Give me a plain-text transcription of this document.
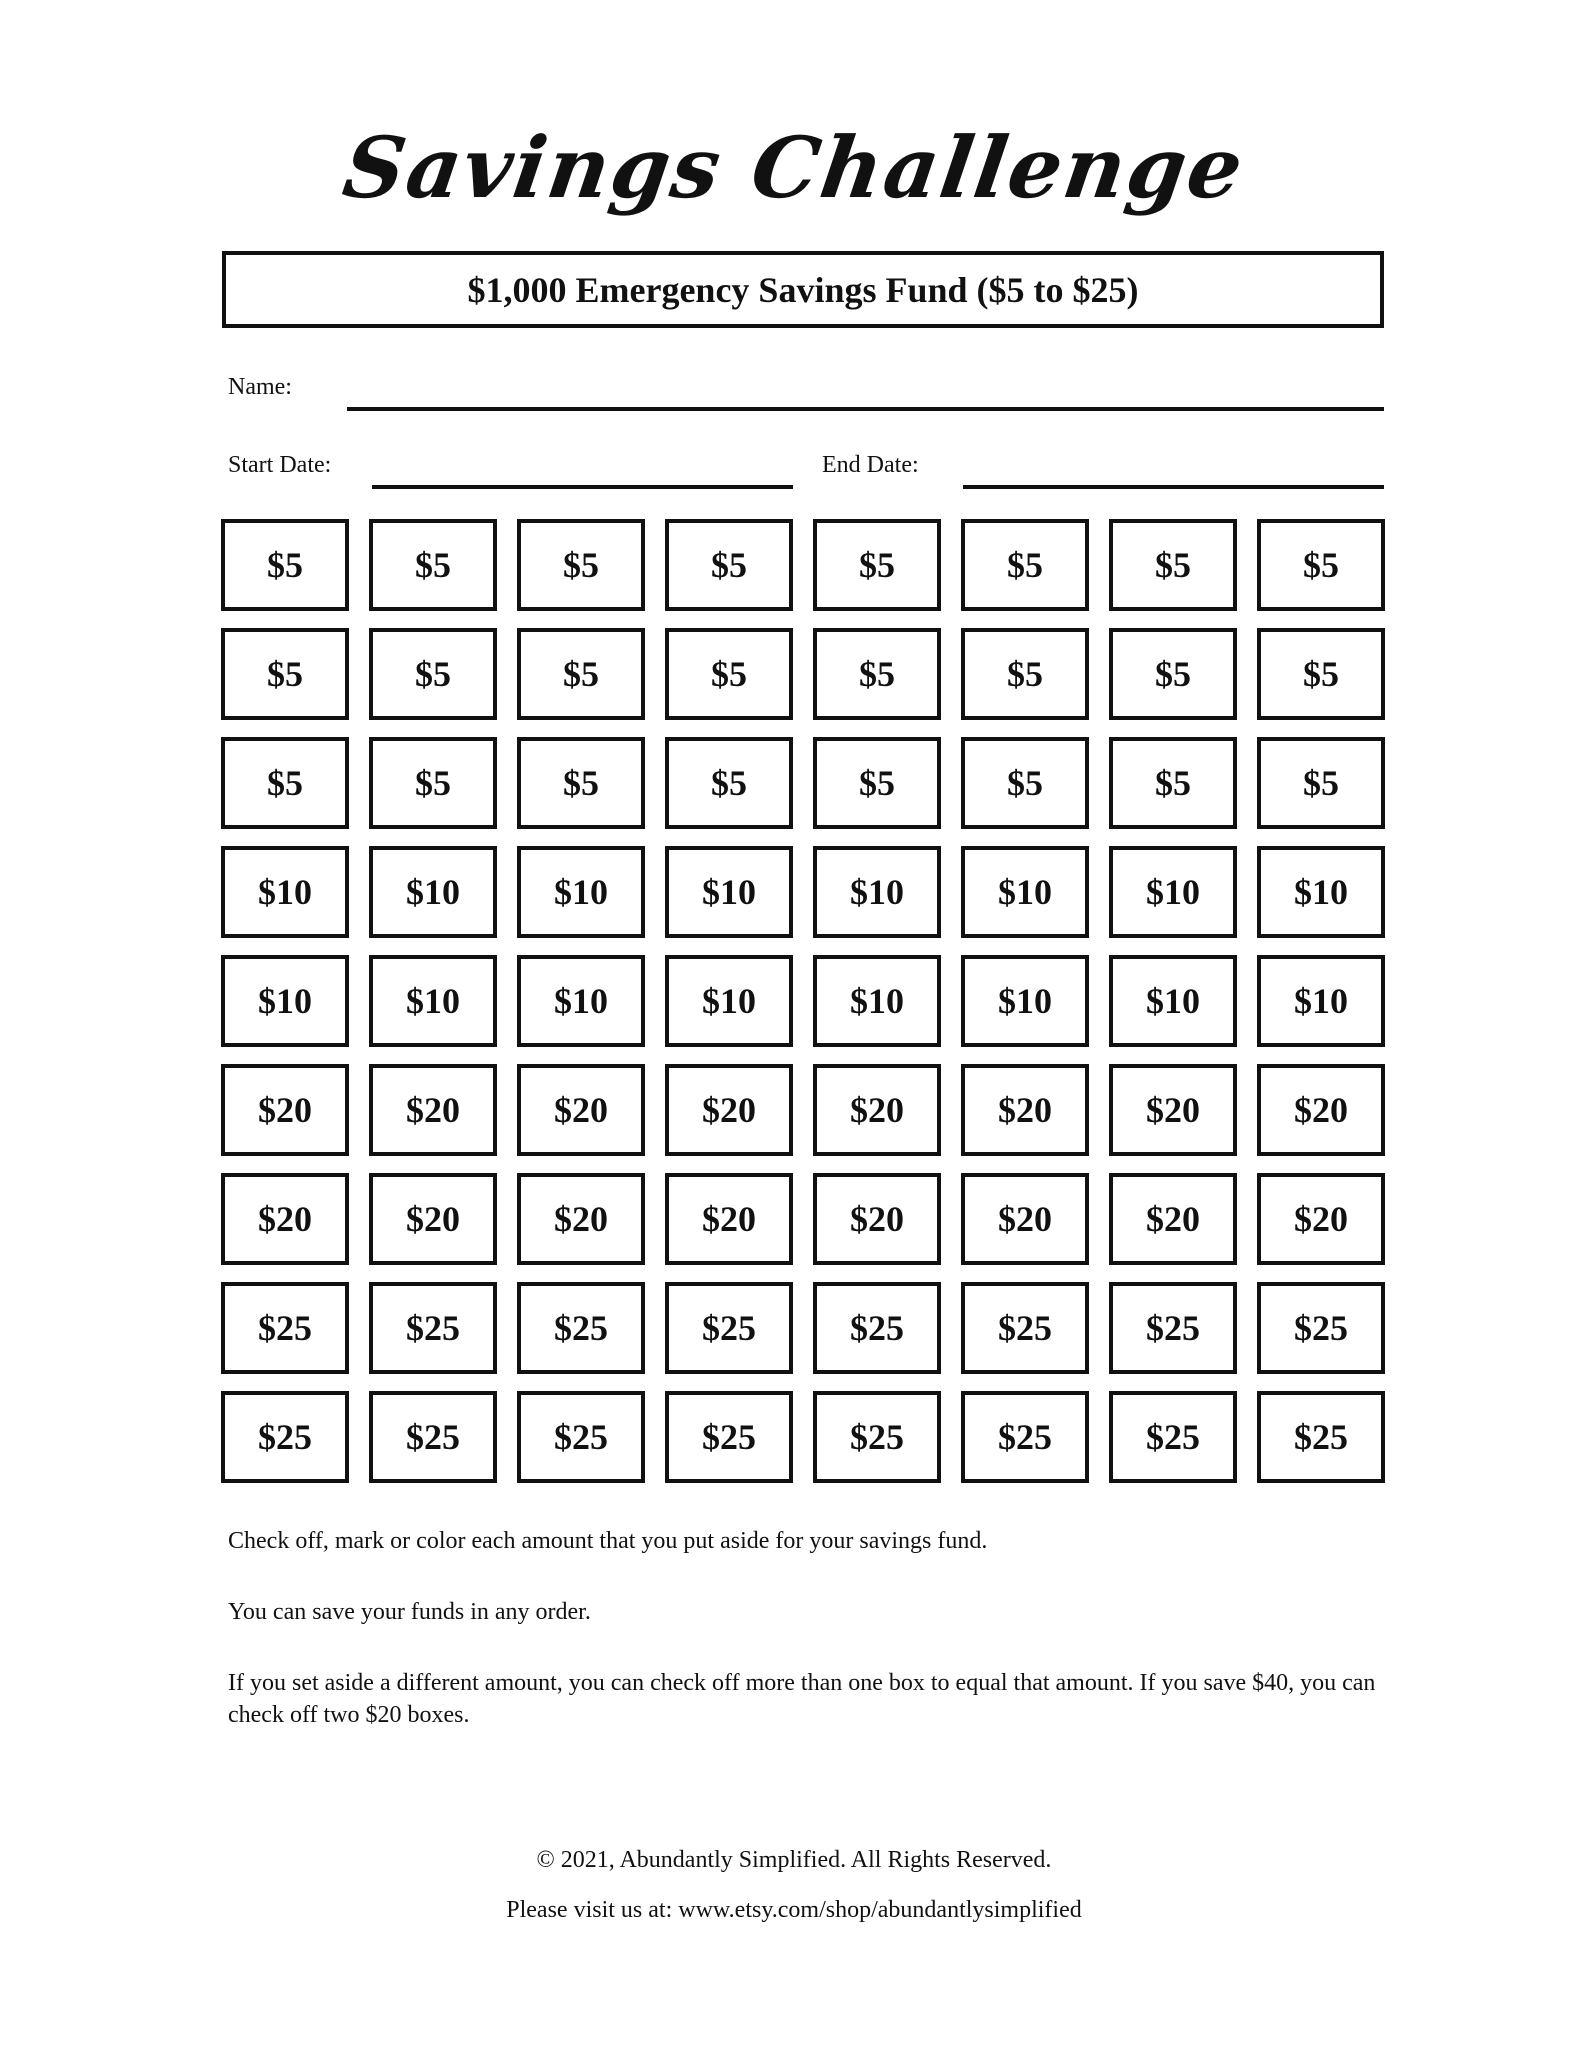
Savings Challenge
$1,000 Emergency Savings Fund ($5 to $25)
Name:
Start Date:	End Date:
$5	$5	$5	$5	$5	$5	$5	$5
$5	$5	$5	$5	$5	$5	$5	$5
$5	$5	$5	$5	$5	$5	$5	$5
$10	$10	$10	$10	$10	$10	$10	$10
$10	$10	$10	$10	$10	$10	$10	$10
$20	$20	$20	$20	$20	$20	$20	$20
$20	$20	$20	$20	$20	$20	$20	$20
$25	$25	$25	$25	$25	$25	$25	$25
$25	$25	$25	$25	$25	$25	$25	$25

Check off, mark or color each amount that you put aside for your savings fund.

You can save your funds in any order.

If you set aside a different amount, you can check off more than one box to equal that amount. If you save $40, you can check off two $20 boxes.

© 2021, Abundantly Simplified. All Rights Reserved.
Please visit us at: www.etsy.com/shop/abundantlysimplified
